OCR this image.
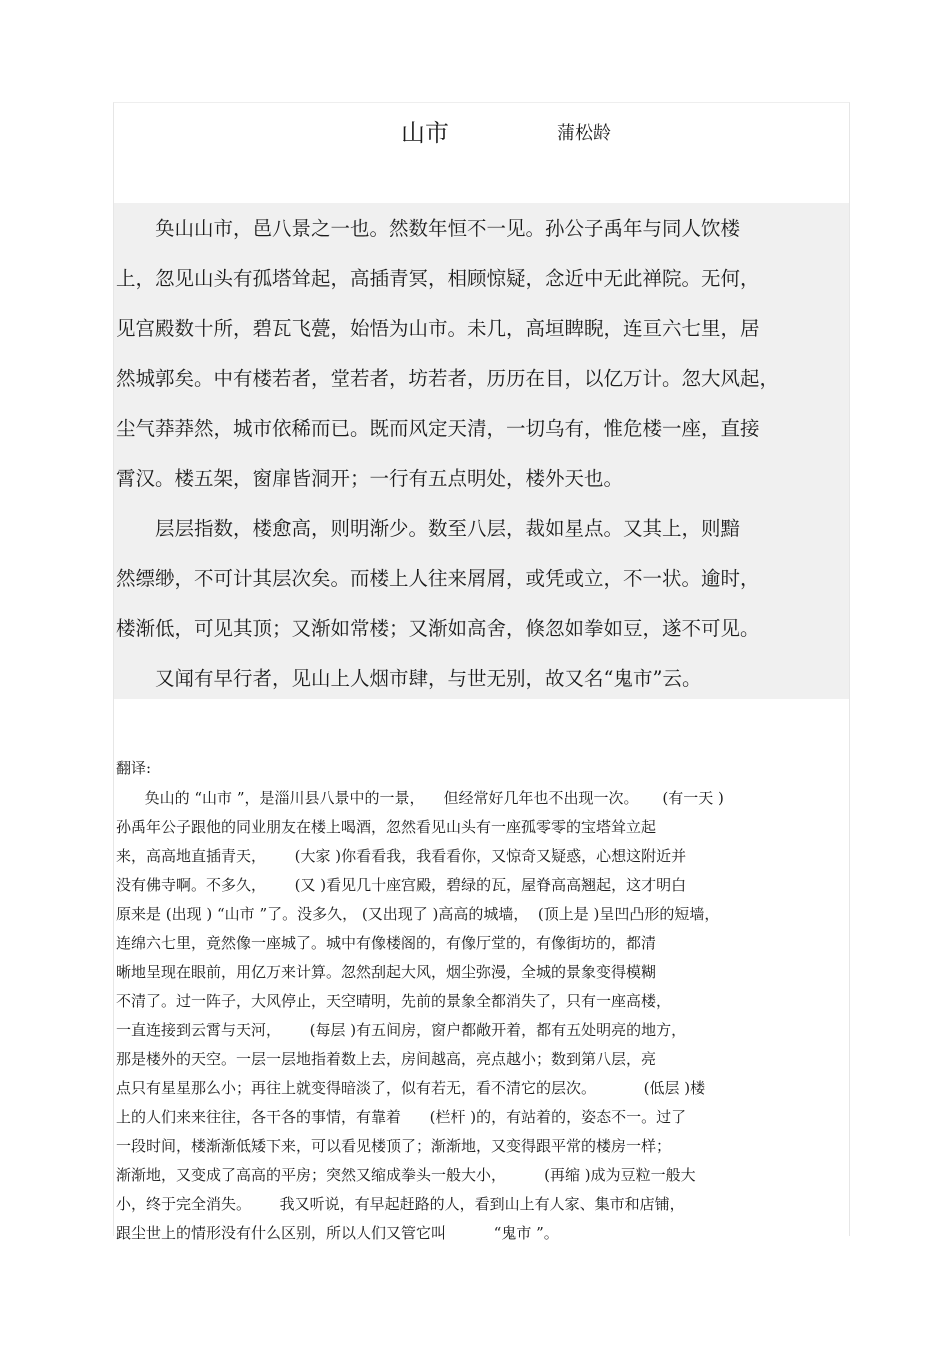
山市	蒲松龄
　　奂山山市，邑八景之一也。然数年恒不一见。孙公子禹年与同人饮楼
上，忽见山头有孤塔耸起，高插青冥，相顾惊疑，念近中无此禅院。无何，
见宫殿数十所，碧瓦飞甍，始悟为山市。未几，高垣睥睨，连亘六七里，居
然城郭矣。中有楼若者，堂若者，坊若者，历历在目，以亿万计。忽大风起，
尘气莽莽然，城市依稀而已。既而风定天清，一切乌有，惟危楼一座，直接
霄汉。楼五架，窗扉皆洞开；一行有五点明处，楼外天也。
　　层层指数，楼愈高，则明渐少。数至八层，裁如星点。又其上，则黯
然缥缈，不可计其层次矣。而楼上人往来屑屑，或凭或立，不一状。逾时，
楼渐低，可见其顶；又渐如常楼；又渐如高舍，倏忽如拳如豆，遂不可见。
　　又闻有早行者，见山上人烟市肆，与世无别，故又名“鬼市”云。
翻译:
奂山的 “山市 ”，是淄川县八景中的一景，    但经常好几年也不出现一次。     (有一天 )
孙禹年公子跟他的同业朋友在楼上喝酒，忽然看见山头有一座孤零零的宝塔耸立起
来，高高地直插青天，      (大家 )你看看我，我看看你，又惊奇又疑惑，心想这附近并
没有佛寺啊。不多久，      (又 )看见几十座宫殿，碧绿的瓦，屋脊高高翘起，这才明白
原来是 (出现 ) “山市 ”了。没多久， (又出现了 )高高的城墙，  (顶上是 )呈凹凸形的短墙，
连绵六七里，竟然像一座城了。城中有像楼阁的，有像厅堂的，有像街坊的，都清
晰地呈现在眼前，用亿万来计算。忽然刮起大风，烟尘弥漫，全城的景象变得模糊
不清了。过一阵子，大风停止，天空晴明，先前的景象全都消失了，只有一座高楼，
一直连接到云霄与天河，      (每层 )有五间房，窗户都敞开着，都有五处明亮的地方，
那是楼外的天空。一层一层地指着数上去，房间越高，亮点越小；数到第八层，亮
点只有星星那么小；再往上就变得暗淡了，似有若无，看不清它的层次。          (低层 )楼
上的人们来来往往，各干各的事情，有靠着      (栏杆 )的，有站着的，姿态不一。过了
一段时间，楼渐渐低矮下来，可以看见楼顶了；渐渐地，又变得跟平常的楼房一样；
渐渐地，又变成了高高的平房；突然又缩成拳头一般大小，        (再缩 )成为豆粒一般大
小，终于完全消失。      我又听说，有早起赶路的人，看到山上有人家、集市和店铺，
跟尘世上的情形没有什么区别，所以人们又管它叫          “鬼市 ”。
